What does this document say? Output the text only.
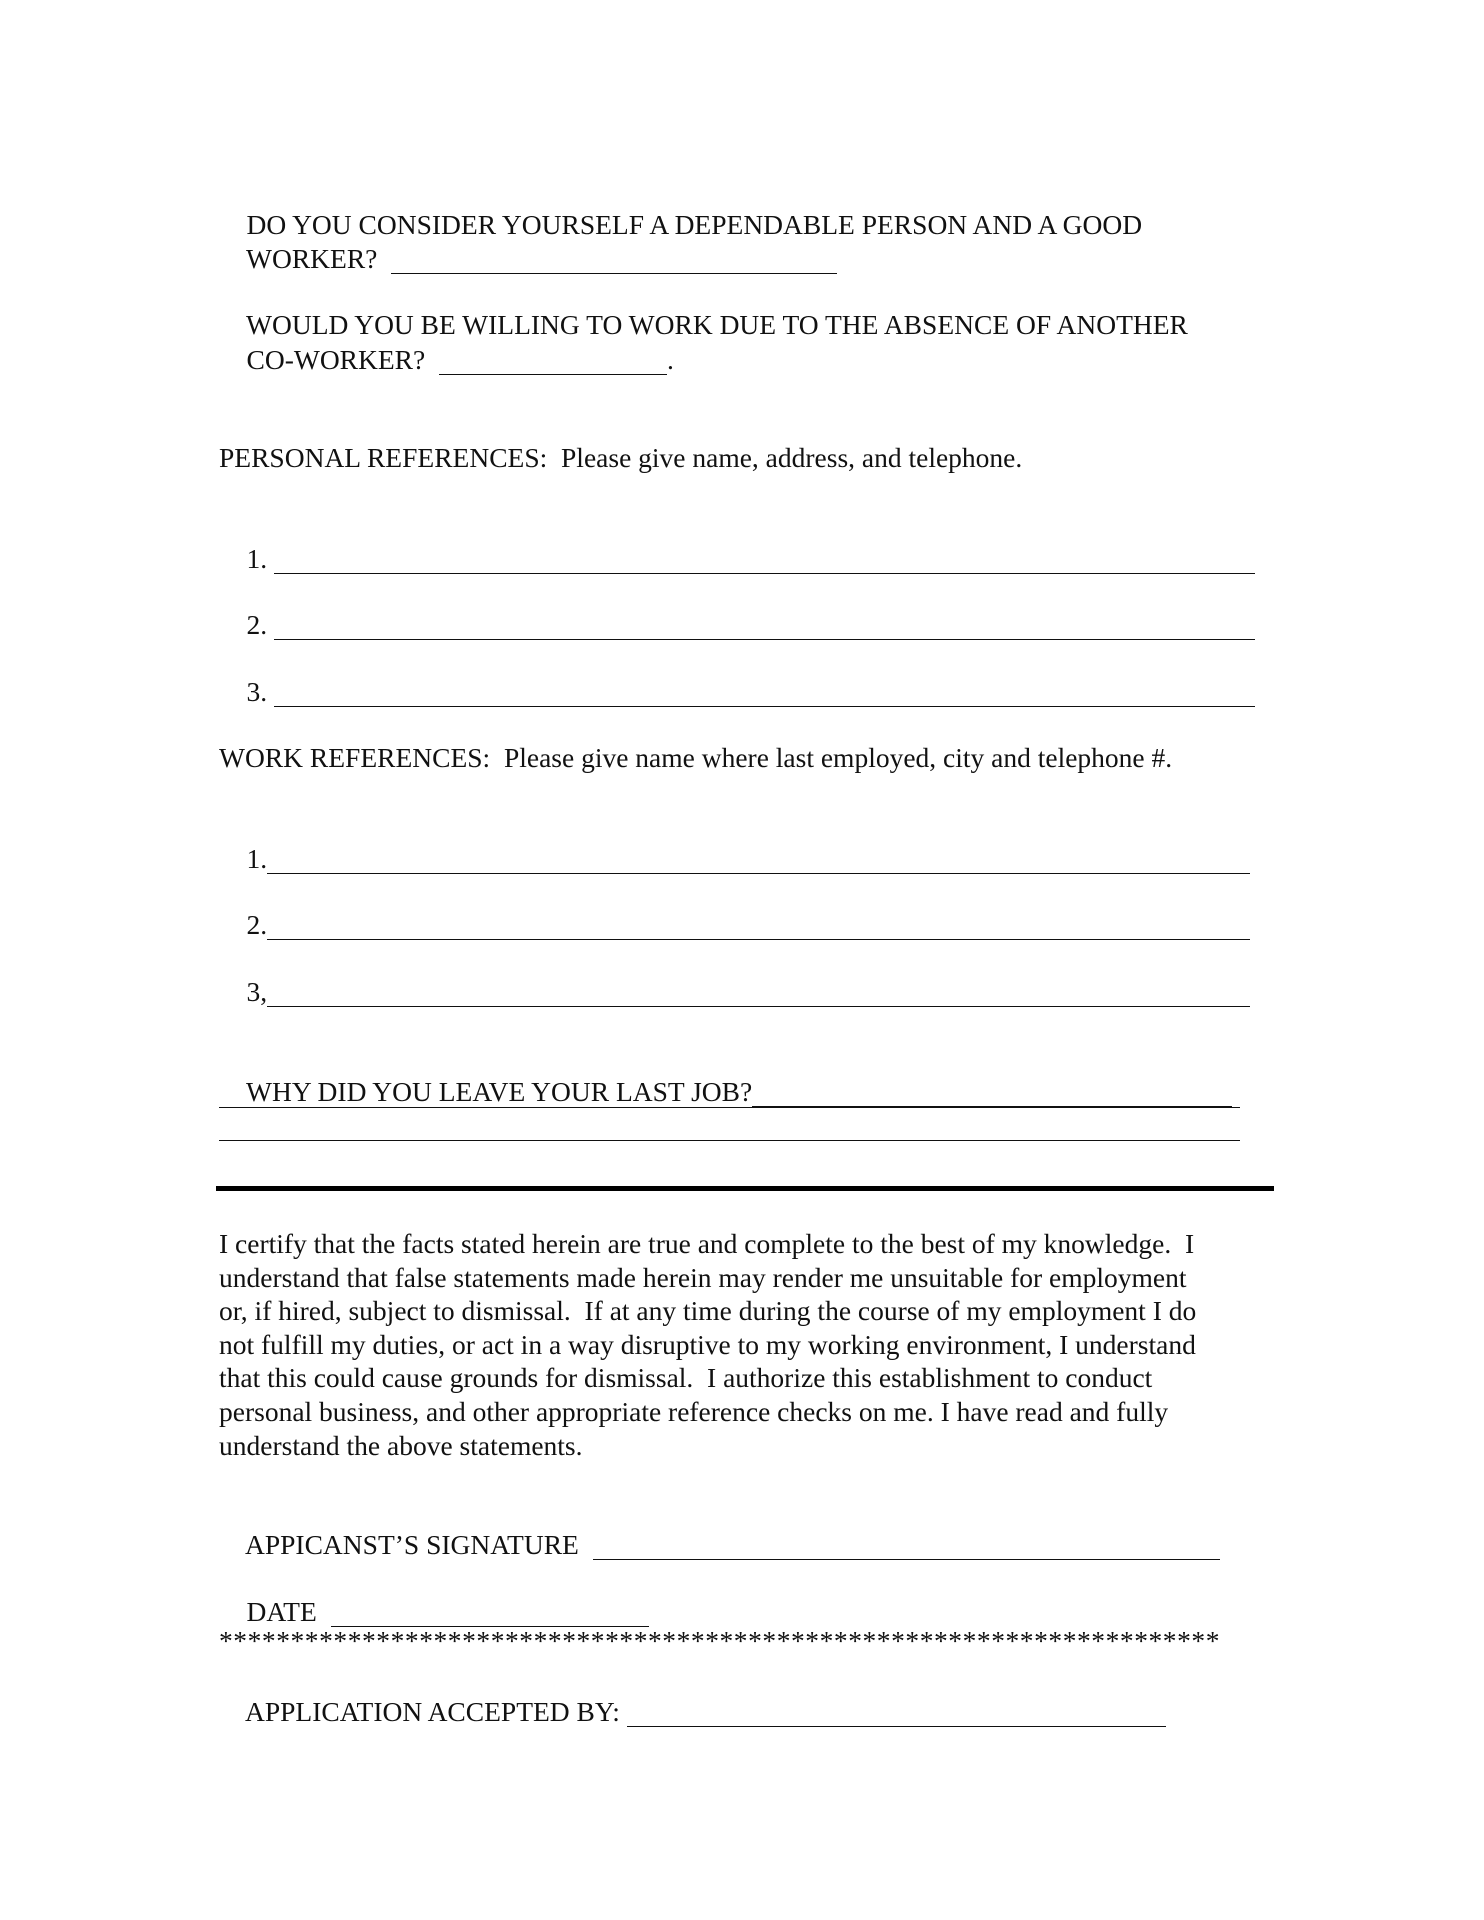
DO YOU CONSIDER YOURSELF A DEPENDABLE PERSON AND A GOOD

WORKER?

WOULD YOU BE WILLING TO WORK DUE TO THE ABSENCE OF ANOTHER

CO-WORKER?	.

PERSONAL REFERENCES:  Please give name, address, and telephone.

1.

2.

3.

WORK REFERENCES:  Please give name where last employed, city and telephone #.

1.

2.

3,

WHY DID YOU LEAVE YOUR LAST JOB?

I certify that the facts stated herein are true and complete to the best of my knowledge.  I
understand that false statements made herein may render me unsuitable for employment
or, if hired, subject to dismissal.  If at any time during the course of my employment I do
not fulfill my duties, or act in a way disruptive to my working environment, I understand
that this could cause grounds for dismissal.  I authorize this establishment to conduct
personal business, and other appropriate reference checks on me. I have read and fully
understand the above statements.

APPICANST’S SIGNATURE

DATE

**********************************************************************

APPLICATION ACCEPTED BY:
